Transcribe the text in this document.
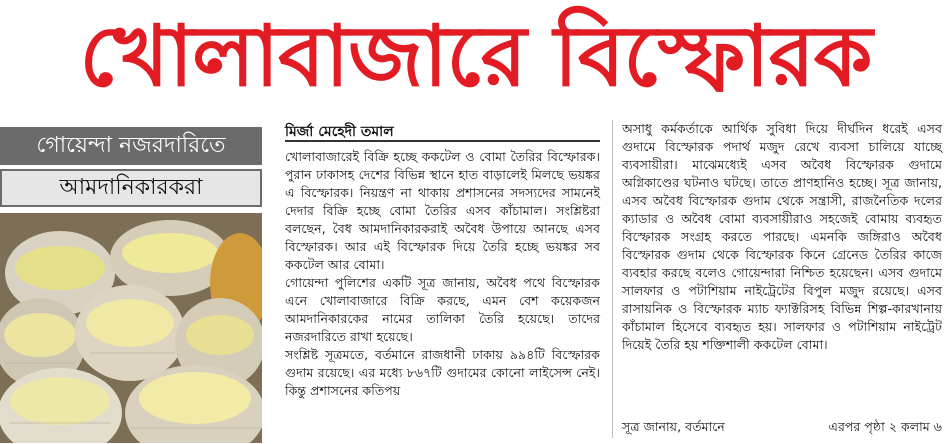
খোলাবাজারে বিস্ফোরক
গোয়েন্দা নজরদারিতে
আমদানিকারকরা
মির্জা মেহেদী তমাল
খোলাবাজারেই বিক্রি হচ্ছে ককটেল ও বোমা তৈরির বিস্ফোরক। পুরান ঢাকাসহ দেশের বিভিন্ন স্থানে হাত বাড়ালেই মিলছে ভয়ঙ্কর এ বিস্ফোরক। নিয়ন্ত্রণ না থাকায় প্রশাসনের সদস্যদের সামনেই দেদার বিক্রি হচ্ছে বোমা তৈরির এসব কাঁচামাল। সংশ্লিষ্টরা বলছেন, বৈধ আমদানিকারকরাই অবৈধ উপায়ে আনছে এসব বিস্ফোরক। আর এই বিস্ফোরক দিয়ে তৈরি হচ্ছে ভয়ঙ্কর সব ককটেল আর বোমা।
গোয়েন্দা পুলিশের একটি সূত্র জানায়, অবৈধ পথে বিস্ফোরক এনে খোলাবাজারে বিক্রি করছে, এমন বেশ কয়েকজন আমদানিকারকের নামের তালিকা তৈরি হয়েছে। তাদের নজরদারিতে রাখা হয়েছে।
সংশ্লিষ্ট সূত্রমতে, বর্তমানে রাজধানী ঢাকায় ৯৯৪টি বিস্ফোরক গুদাম রয়েছে। এর মধ্যে ৮৬৭টি গুদামের কোনো লাইসেন্স নেই। কিন্তু প্রশাসনের কতিপয়
অসাধু কর্মকর্তাকে আর্থিক সুবিধা দিয়ে দীর্ঘদিন ধরেই এসব গুদামে বিস্ফোরক পদার্থ মজুদ রেখে ব্যবসা চালিয়ে যাচ্ছে ব্যবসায়ীরা। মাঝেমধ্যেই এসব অবৈধ বিস্ফোরক গুদামে অগ্নিকাণ্ডের ঘটনাও ঘটছে। তাতে প্রাণহানিও হচ্ছে। সূত্র জানায়, এসব অবৈধ বিস্ফোরক গুদাম থেকে সন্ত্রাসী, রাজনৈতিক দলের ক্যাডার ও অবৈধ বোমা ব্যবসায়ীরাও সহজেই বোমায় ব্যবহৃত বিস্ফোরক সংগ্রহ করতে পারছে। এমনকি জঙ্গিরাও অবৈধ বিস্ফোরক গুদাম থেকে বিস্ফোরক কিনে গ্রেনেড তৈরির কাজে ব্যবহার করছে বলেও গোয়েন্দারা নিশ্চিত হয়েছেন। এসব গুদামে সালফার ও পটাশিয়াম নাইট্রেটের বিপুল মজুদ রয়েছে। এসব রাসায়নিক ও বিস্ফোরক ম্যাচ ফ্যাক্টরিসহ বিভিন্ন শিল্প-কারখানায় কাঁচামাল হিসেবে ব্যবহৃত হয়। সালফার ও পটাশিয়াম নাইট্রেট দিয়েই তৈরি হয় শক্তিশালী ককটেল বোমা।
সূত্র জানায়, বর্তমানে	এরপর পৃষ্ঠা ২ কলাম ৬
